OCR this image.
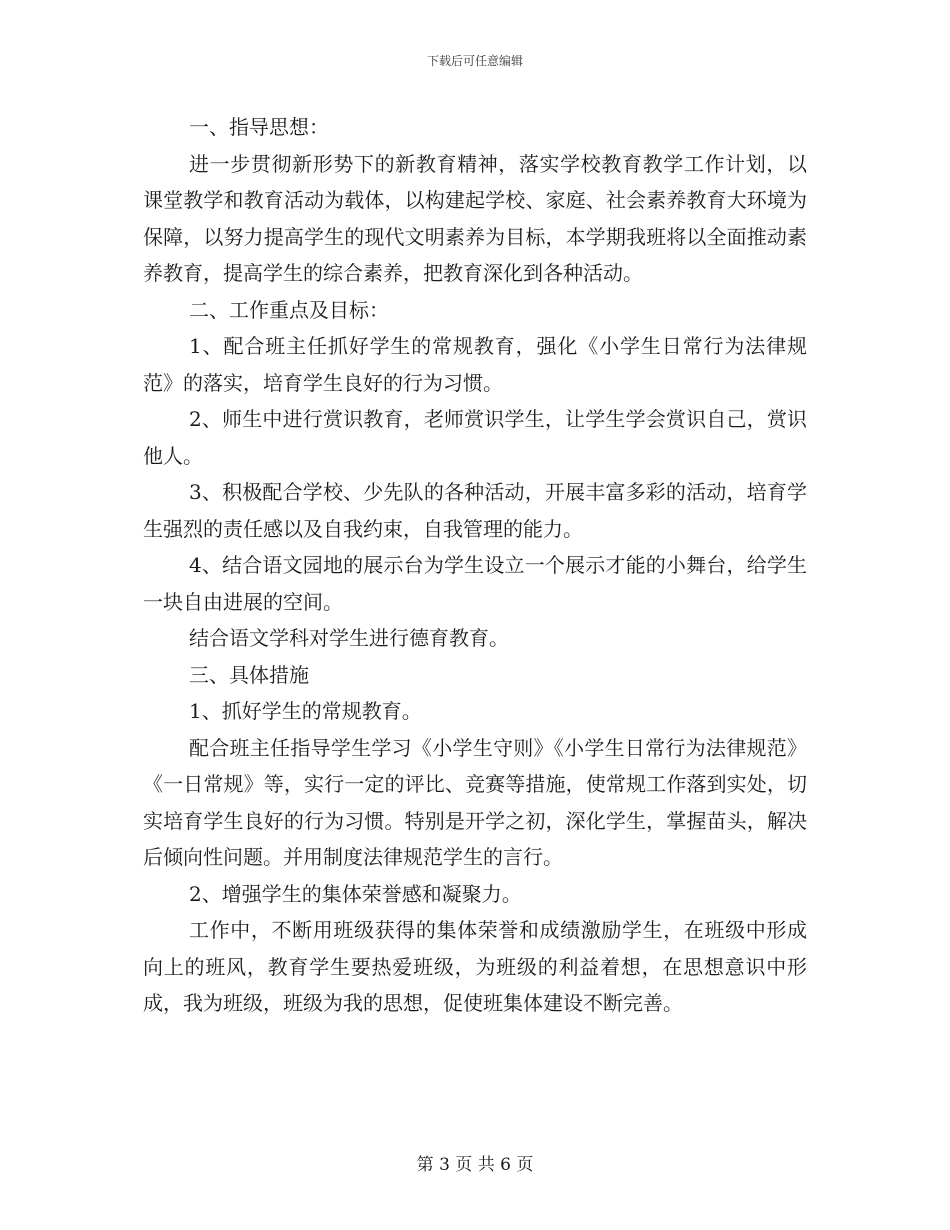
下载后可任意编辑

一、指导思想：

进一步贯彻新形势下的新教育精神，落实学校教育教学工作计划，以课堂教学和教育活动为载体，以构建起学校、家庭、社会素养教育大环境为保障，以努力提高学生的现代文明素养为目标，本学期我班将以全面推动素养教育，提高学生的综合素养，把教育深化到各种活动。

二、工作重点及目标：

1、配合班主任抓好学生的常规教育，强化《小学生日常行为法律规范》的落实，培育学生良好的行为习惯。

2、师生中进行赏识教育，老师赏识学生，让学生学会赏识自己，赏识他人。

3、积极配合学校、少先队的各种活动，开展丰富多彩的活动，培育学生强烈的责任感以及自我约束，自我管理的能力。

4、结合语文园地的展示台为学生设立一个展示才能的小舞台，给学生一块自由进展的空间。

结合语文学科对学生进行德育教育。

三、具体措施

1、抓好学生的常规教育。

配合班主任指导学生学习《小学生守则》《小学生日常行为法律规范》《一日常规》等，实行一定的评比、竞赛等措施，使常规工作落到实处，切实培育学生良好的行为习惯。特别是开学之初，深化学生，掌握苗头，解决后倾向性问题。并用制度法律规范学生的言行。

2、增强学生的集体荣誉感和凝聚力。

工作中，不断用班级获得的集体荣誉和成绩激励学生，在班级中形成向上的班风，教育学生要热爱班级，为班级的利益着想，在思想意识中形成，我为班级，班级为我的思想，促使班集体建设不断完善。

第 3 页 共 6 页
